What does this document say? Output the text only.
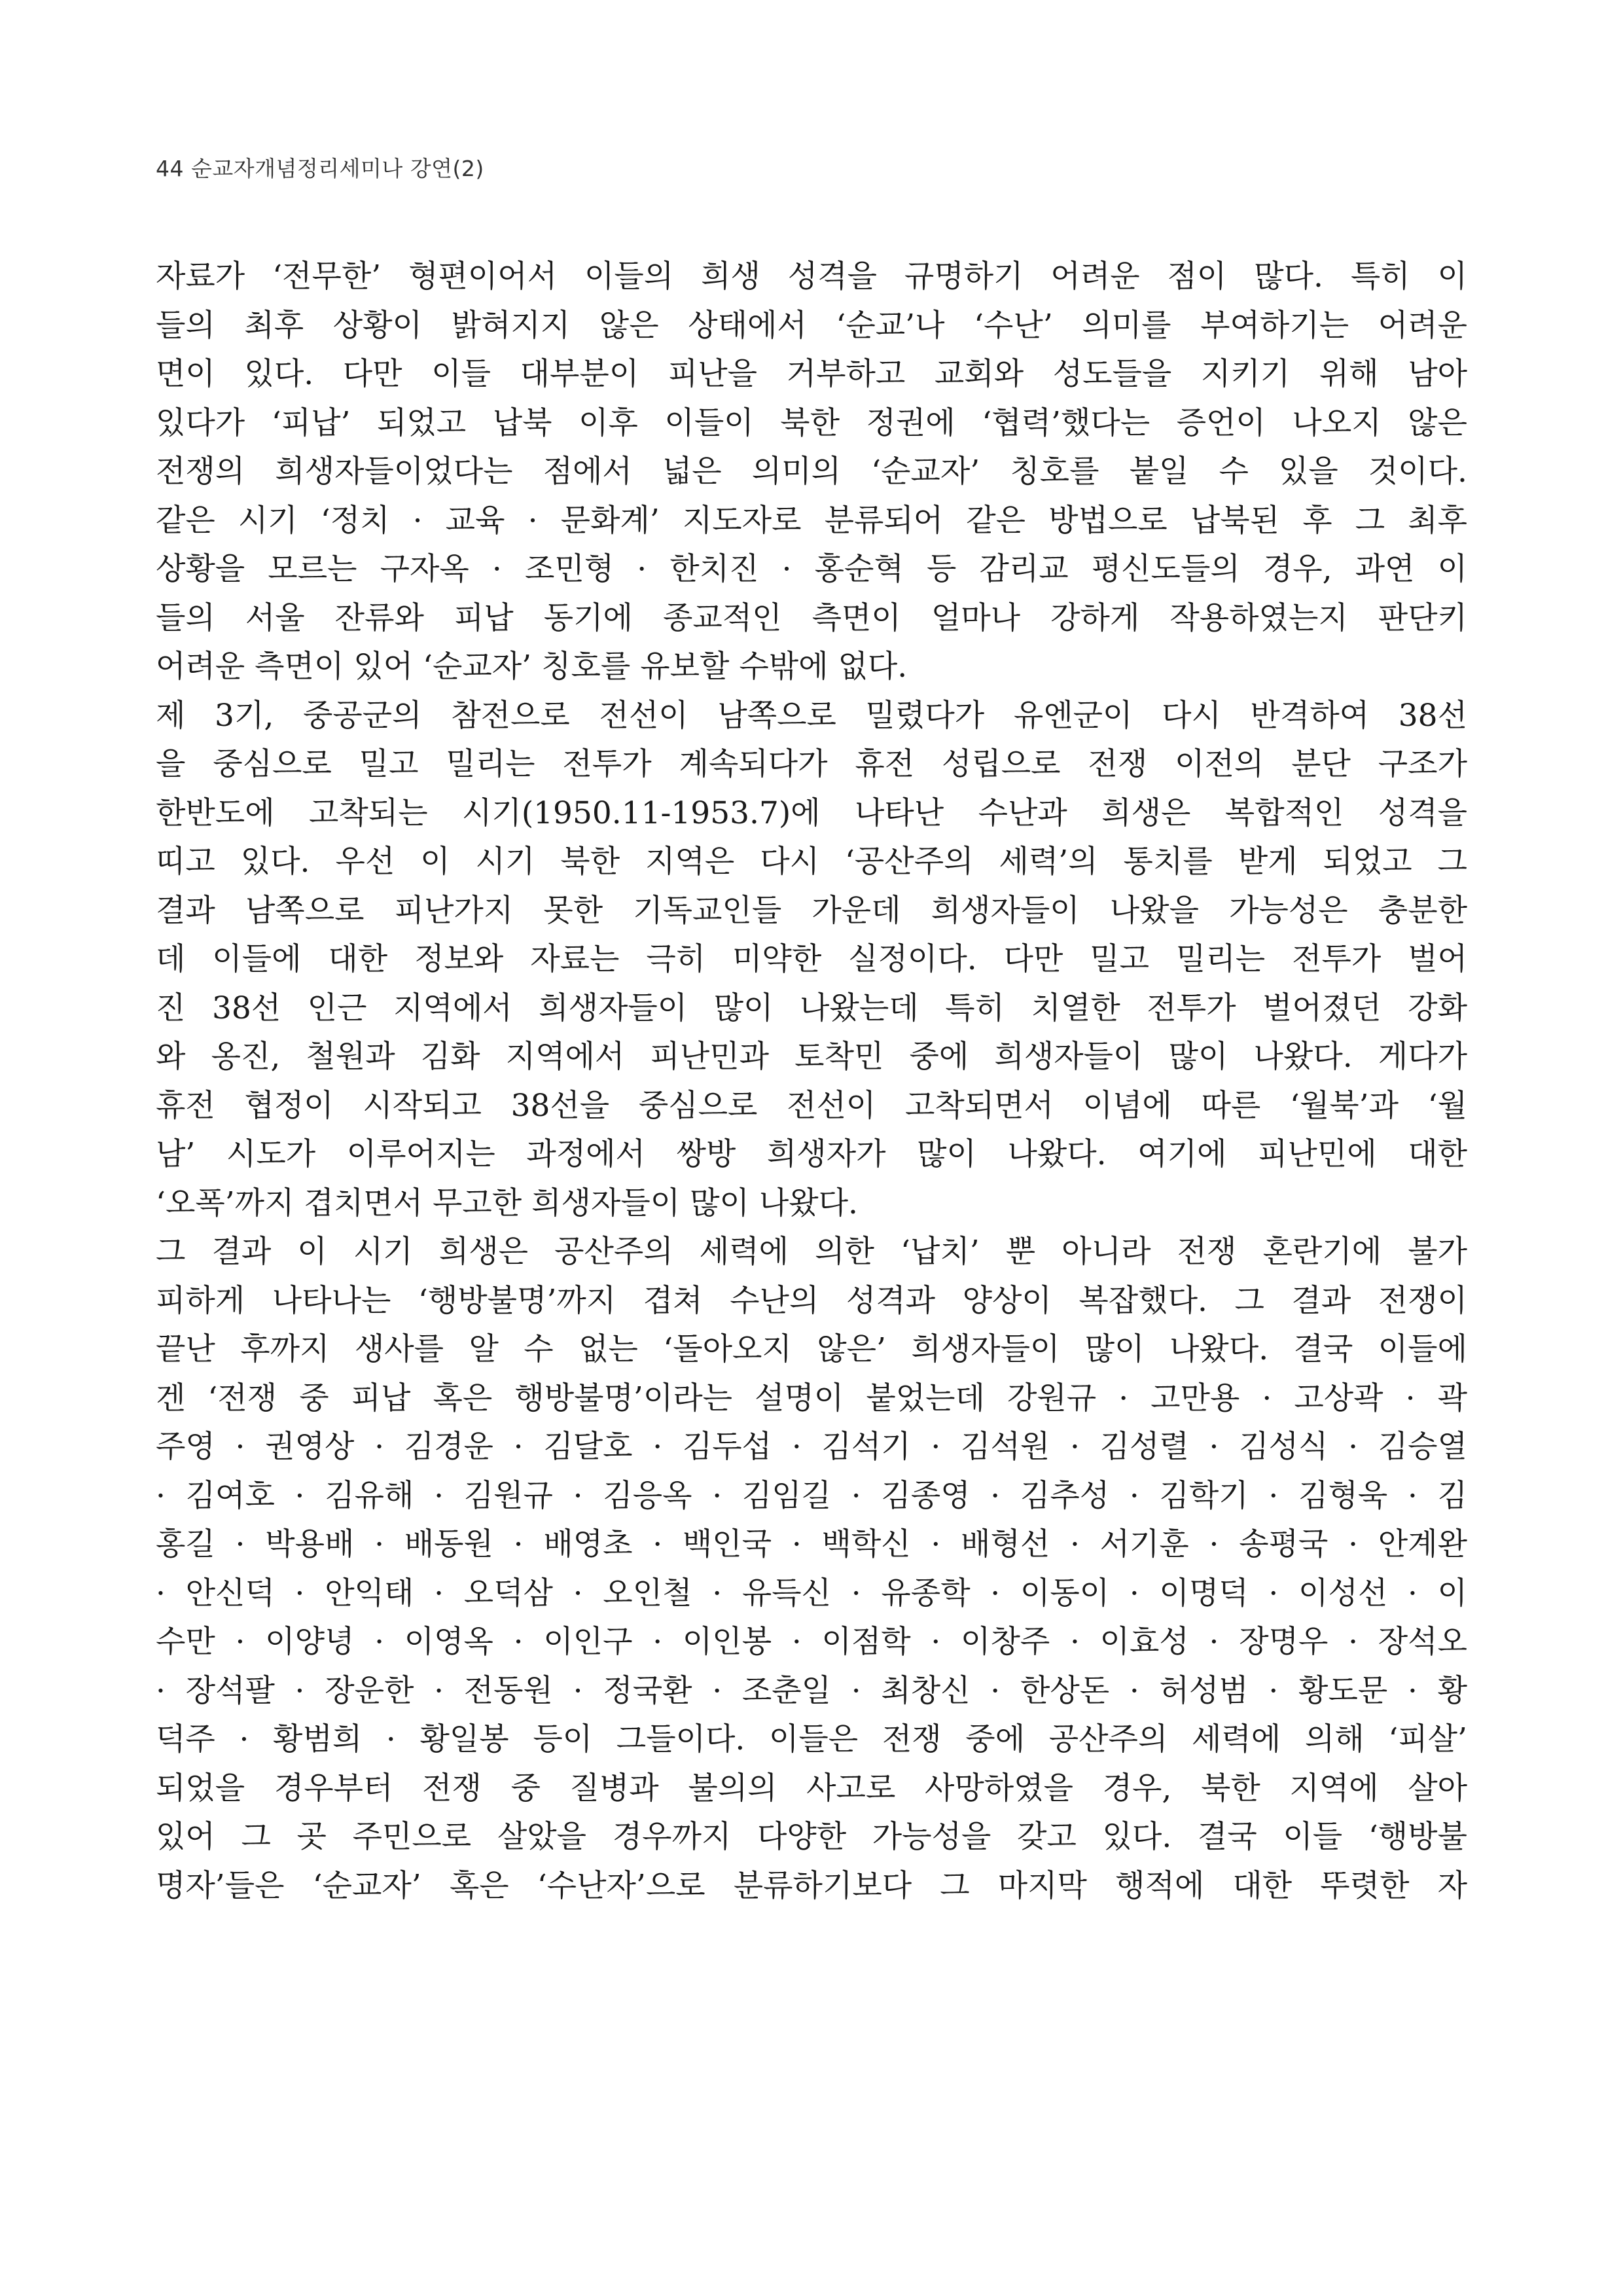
44 순교자개념정리세미나 강연(2)
자료가 ‘전무한’ 형편이어서 이들의 희생 성격을 규명하기 어려운 점이 많다. 특히 이
들의 최후 상황이 밝혀지지 않은 상태에서 ‘순교’나 ‘수난’ 의미를 부여하기는 어려운
면이 있다. 다만 이들 대부분이 피난을 거부하고 교회와 성도들을 지키기 위해 남아
있다가 ‘피납’ 되었고 납북 이후 이들이 북한 정권에 ‘협력’했다는 증언이 나오지 않은
전쟁의 희생자들이었다는 점에서 넓은 의미의 ‘순교자’ 칭호를 붙일 수 있을 것이다.
같은 시기 ‘정치 · 교육 · 문화계’ 지도자로 분류되어 같은 방법으로 납북된 후 그 최후
상황을 모르는 구자옥 · 조민형 · 한치진 · 홍순혁 등 감리교 평신도들의 경우, 과연 이
들의 서울 잔류와 피납 동기에 종교적인 측면이 얼마나 강하게 작용하였는지 판단키
어려운 측면이 있어 ‘순교자’ 칭호를 유보할 수밖에 없다.
제 3기, 중공군의 참전으로 전선이 남쪽으로 밀렸다가 유엔군이 다시 반격하여 38선
을 중심으로 밀고 밀리는 전투가 계속되다가 휴전 성립으로 전쟁 이전의 분단 구조가
한반도에 고착되는 시기(1950.11-1953.7)에 나타난 수난과 희생은 복합적인 성격을
띠고 있다. 우선 이 시기 북한 지역은 다시 ‘공산주의 세력’의 통치를 받게 되었고 그
결과 남쪽으로 피난가지 못한 기독교인들 가운데 희생자들이 나왔을 가능성은 충분한
데 이들에 대한 정보와 자료는 극히 미약한 실정이다. 다만 밀고 밀리는 전투가 벌어
진 38선 인근 지역에서 희생자들이 많이 나왔는데 특히 치열한 전투가 벌어졌던 강화
와 옹진, 철원과 김화 지역에서 피난민과 토착민 중에 희생자들이 많이 나왔다. 게다가
휴전 협정이 시작되고 38선을 중심으로 전선이 고착되면서 이념에 따른 ‘월북’과 ‘월
남’ 시도가 이루어지는 과정에서 쌍방 희생자가 많이 나왔다. 여기에 피난민에 대한
‘오폭’까지 겹치면서 무고한 희생자들이 많이 나왔다.
그 결과 이 시기 희생은 공산주의 세력에 의한 ‘납치’ 뿐 아니라 전쟁 혼란기에 불가
피하게 나타나는 ‘행방불명’까지 겹쳐 수난의 성격과 양상이 복잡했다. 그 결과 전쟁이
끝난 후까지 생사를 알 수 없는 ‘돌아오지 않은’ 희생자들이 많이 나왔다. 결국 이들에
겐 ‘전쟁 중 피납 혹은 행방불명’이라는 설명이 붙었는데 강원규 · 고만용 · 고상곽 · 곽
주영 · 권영상 · 김경운 · 김달호 · 김두섭 · 김석기 · 김석원 · 김성렬 · 김성식 · 김승열
· 김여호 · 김유해 · 김원규 · 김응옥 · 김임길 · 김종영 · 김추성 · 김학기 · 김형욱 · 김
홍길 · 박용배 · 배동원 · 배영초 · 백인국 · 백학신 · 배형선 · 서기훈 · 송평국 · 안계완
· 안신덕 · 안익태 · 오덕삼 · 오인철 · 유득신 · 유종학 · 이동이 · 이명덕 · 이성선 · 이
수만 · 이양녕 · 이영옥 · 이인구 · 이인봉 · 이점학 · 이창주 · 이효성 · 장명우 · 장석오
· 장석팔 · 장운한 · 전동원 · 정국환 · 조춘일 · 최창신 · 한상돈 · 허성범 · 황도문 · 황
덕주 · 황범희 · 황일봉 등이 그들이다. 이들은 전쟁 중에 공산주의 세력에 의해 ‘피살’
되었을 경우부터 전쟁 중 질병과 불의의 사고로 사망하였을 경우, 북한 지역에 살아
있어 그 곳 주민으로 살았을 경우까지 다양한 가능성을 갖고 있다. 결국 이들 ‘행방불
명자’들은 ‘순교자’ 혹은 ‘수난자’으로 분류하기보다 그 마지막 행적에 대한 뚜렷한 자
